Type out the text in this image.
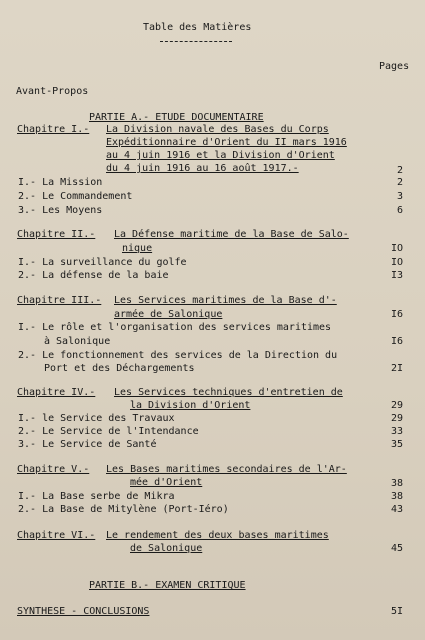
Table des Matières
Pages
Avant-Propos
PARTIE A.- ETUDE DOCUMENTAIRE
Chapitre I.- La Division navale des Bases du Corps
Expéditionnaire d'Orient du II mars 1916
au 4 juin 1916 et la Division d'Orient
du 4 juin 1916 au 16 août 1917.-	2
I.- La Mission	2
2.- Le Commandement	3
3.- Les Moyens	6
Chapitre II.- La Défense maritime de la Base de Salo-
nique	IO
I.- La surveillance du golfe	IO
2.- La défense de la baie	I3
Chapitre III.- Les Services maritimes de la Base d'-
armée de Salonique	I6
I.- Le rôle et l'organisation des services maritimes
à Salonique	I6
2.- Le fonctionnement des services de la Direction du
Port et des Déchargements	2I
Chapitre IV.- Les Services techniques d'entretien de
la Division d'Orient	29
I.- le Service des Travaux	29
2.- Le Service de l'Intendance	33
3.- Le Service de Santé	35
Chapitre V.- Les Bases maritimes secondaires de l'Ar-
mée d'Orient	38
I.- La Base serbe de Mikra	38
2.- La Base de Mitylène (Port-Iéro)	43
Chapitre VI.- Le rendement des deux bases maritimes
de Salonique	45
PARTIE B.- EXAMEN CRITIQUE
SYNTHESE - CONCLUSIONS	5I
